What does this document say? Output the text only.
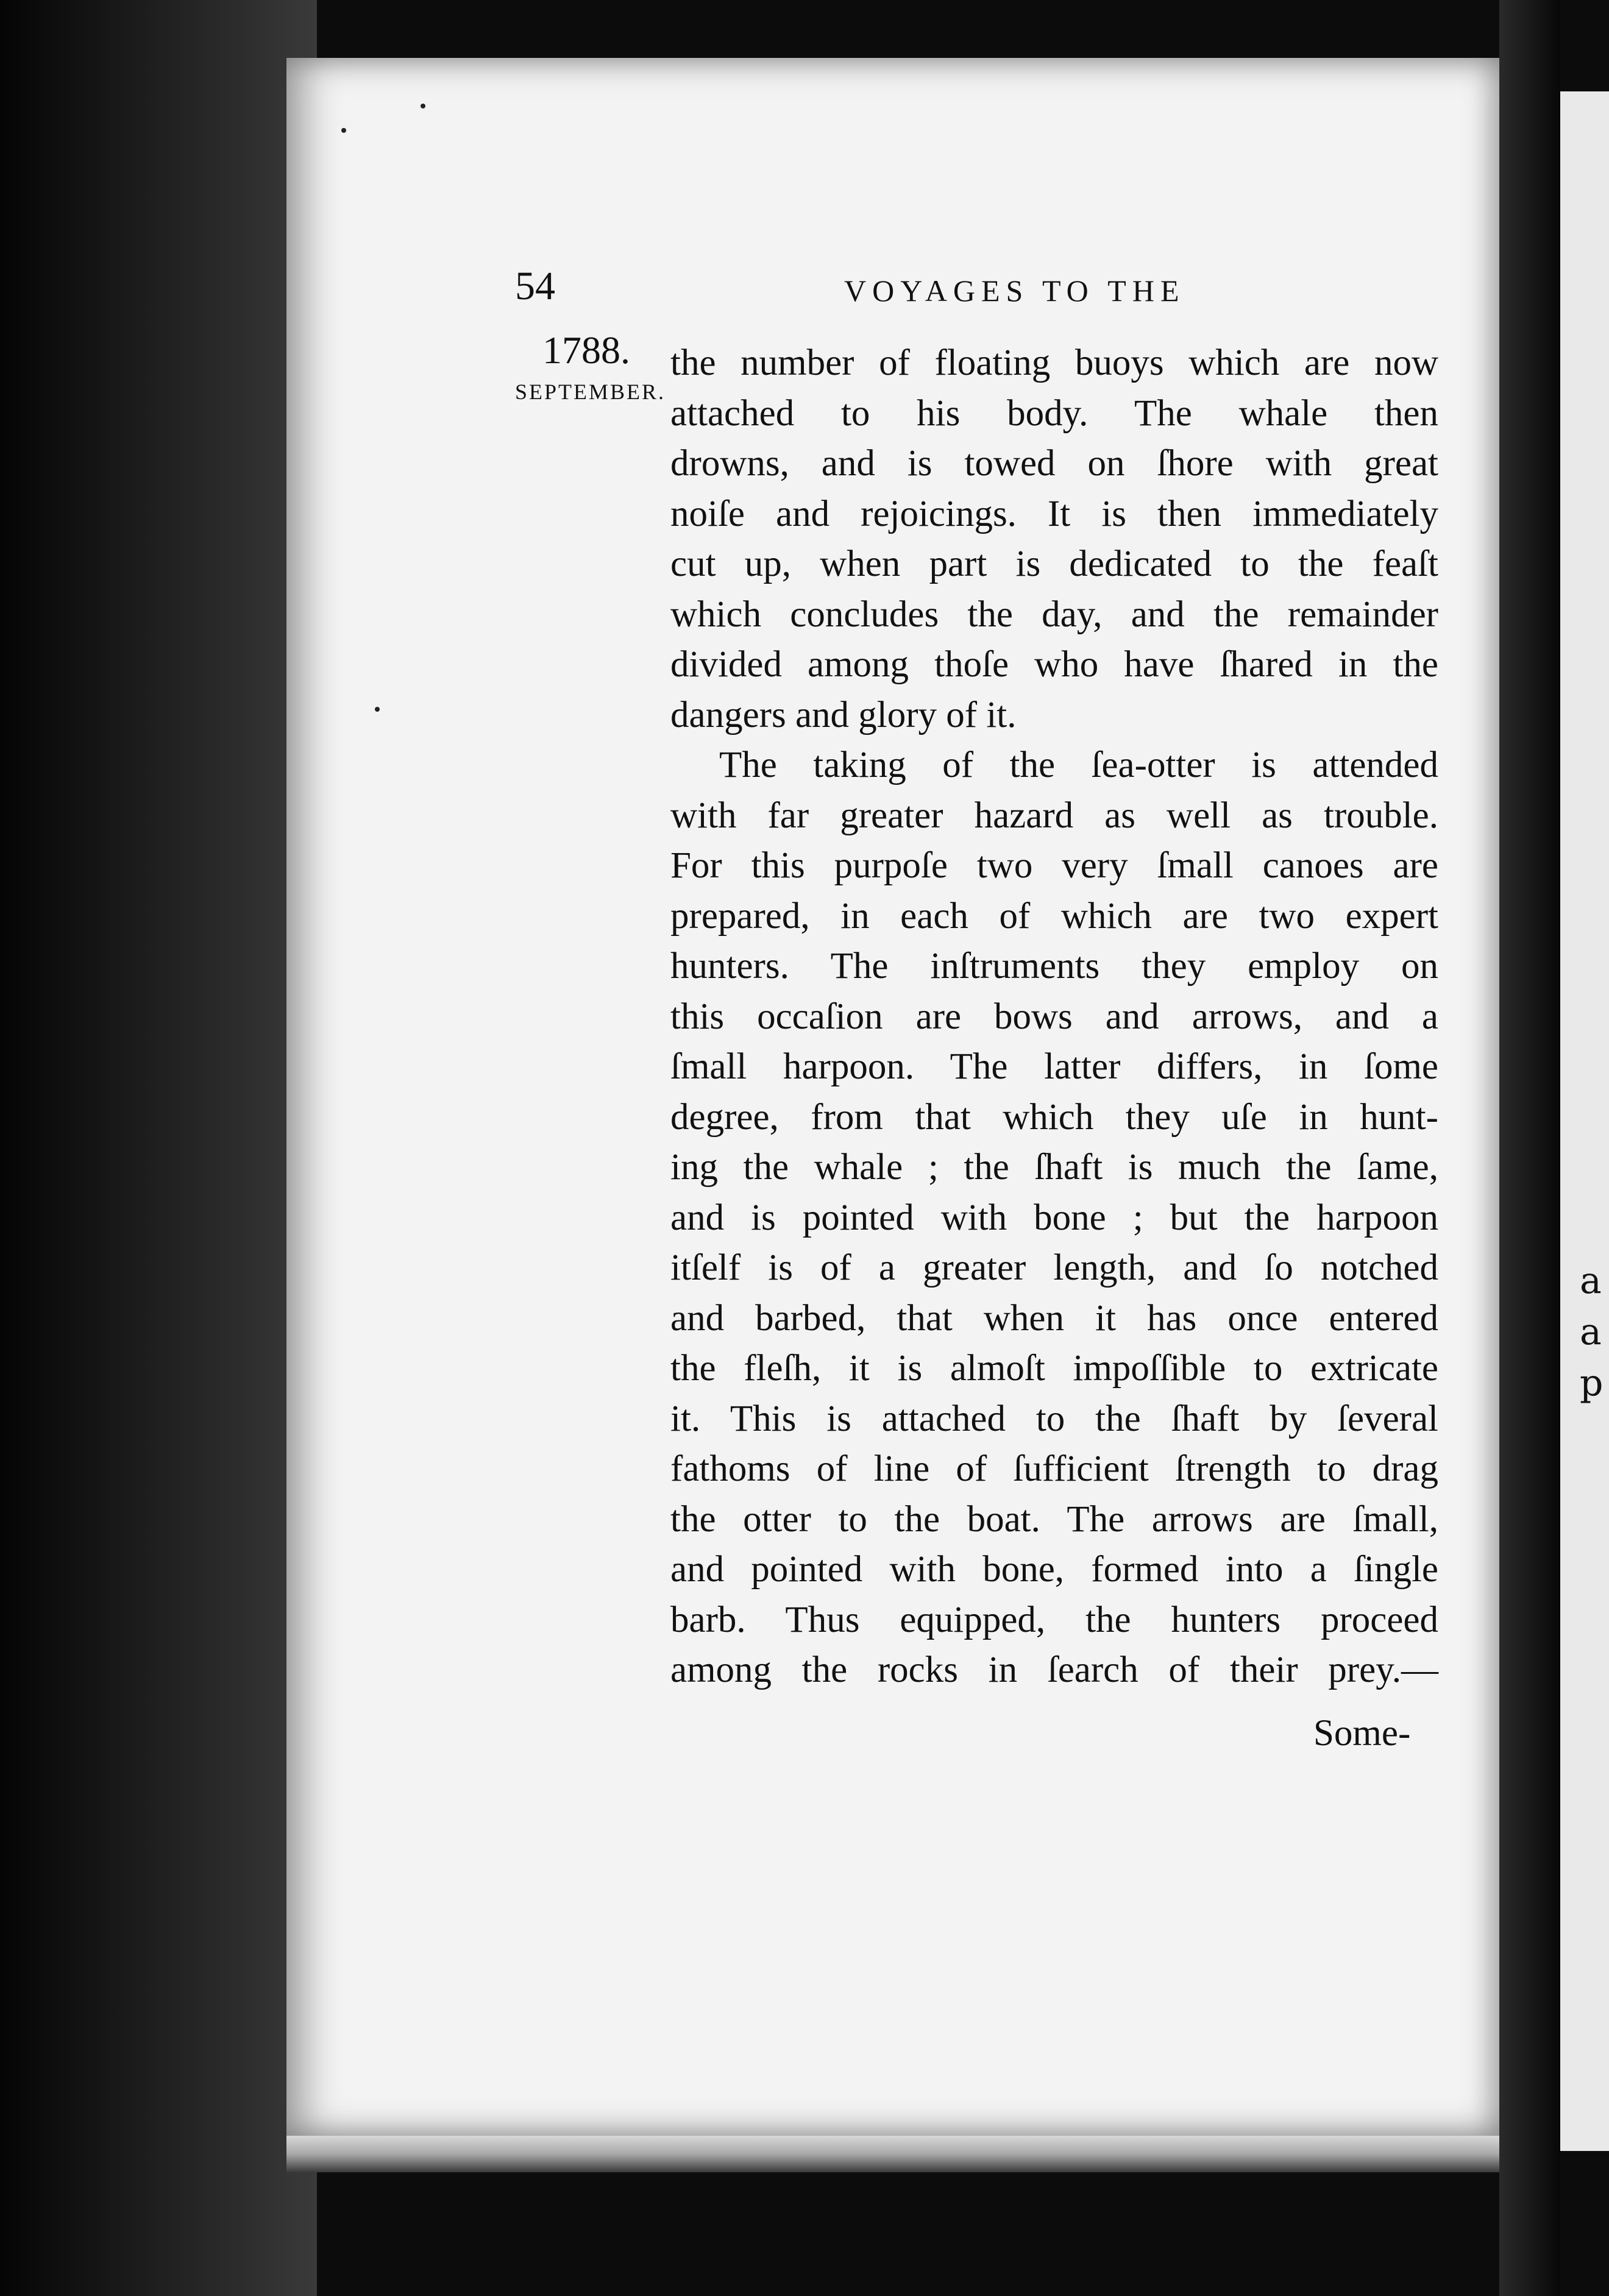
a
a
p
54	VOYAGES TO THE
1788.
SEPTEMBER.
the number of floating buoys which are now
attached to his body. The whale then
drowns, and is towed on ſhore with great
noiſe and rejoicings. It is then immediately
cut up, when part is dedicated to the feaſt
which concludes the day, and the remainder
divided among thoſe who have ſhared in the
dangers and glory of it.
The taking of the ſea-otter is attended
with far greater hazard as well as trouble.
For this purpoſe two very ſmall canoes are
prepared, in each of which are two expert
hunters. The inſtruments they employ on
this occaſion are bows and arrows, and a
ſmall harpoon. The latter differs, in ſome
degree, from that which they uſe in hunt-
ing the whale ; the ſhaft is much the ſame,
and is pointed with bone ; but the harpoon
itſelf is of a greater length, and ſo notched
and barbed, that when it has once entered
the fleſh, it is almoſt impoſſible to extricate
it. This is attached to the ſhaft by ſeveral
fathoms of line of ſufficient ſtrength to drag
the otter to the boat. The arrows are ſmall,
and pointed with bone, formed into a ſingle
barb. Thus equipped, the hunters proceed
among the rocks in ſearch of their prey.—
Some-
